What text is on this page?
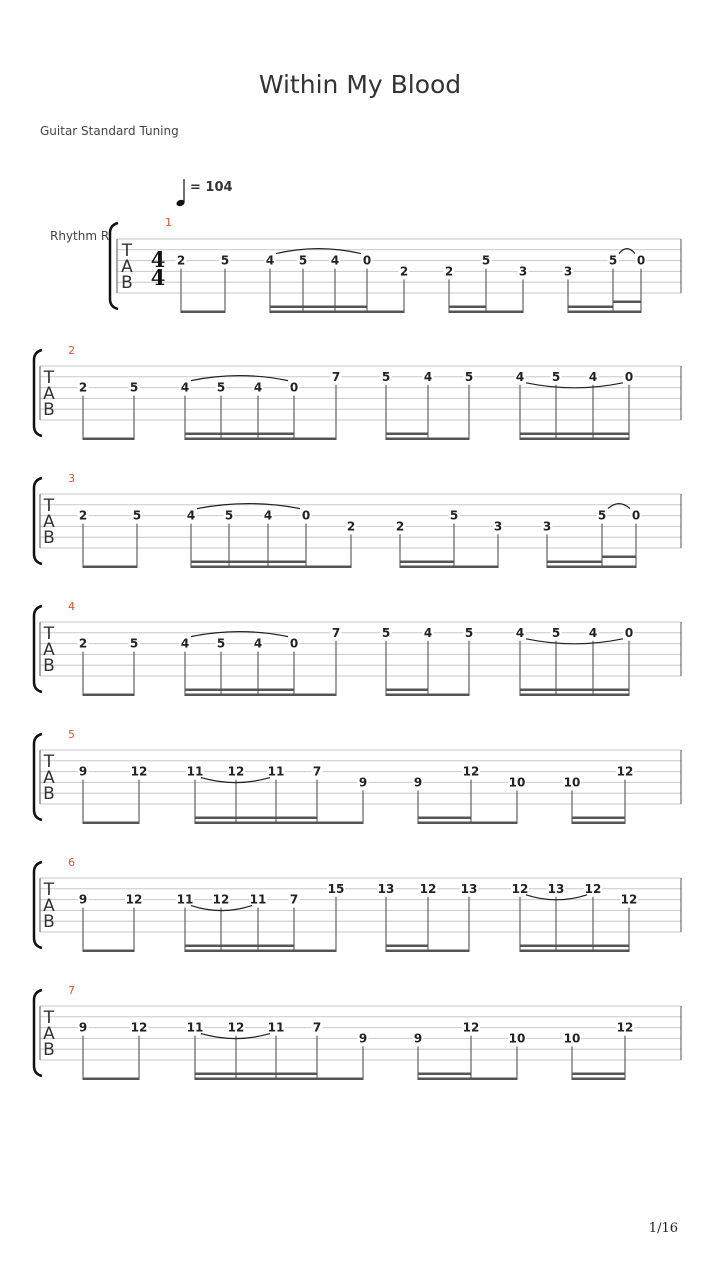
Within My Blood
Guitar Standard Tuning
= 104
Rhythm R
1/16
T
A
B
4
4
1
2	5	4 5 4 0
2	2
5
3	3
5 0
T
A
B
2
2	5	4 5 4 0
7	5	4	5	4 5 4 0
T
A
B
3
2	5	4 5	4 0
2	2
5
3	3
5 0
T
A
B
4
2	5	4 5 4 0
7	5	4	5	4 5 4 0
T
A
B
5
9	12	11 12 11 7
9	9
12
10	10
12
T
A
B
6
9	12	11 12 11 7
15	13 12 13	12 13 12
12
T
A
B
7
9	12	11 12 11 7
9	9
12
10	10
12
